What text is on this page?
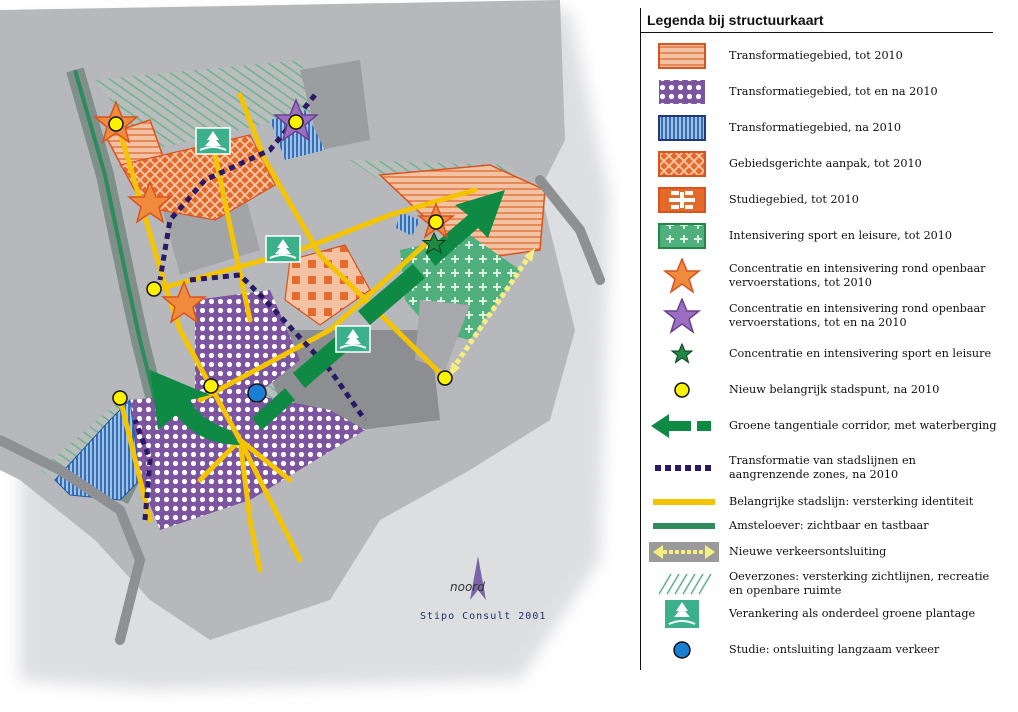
noord
Stipo Consult 2001
Legenda bij structuurkaart
Transformatiegebied, tot 2010
Transformatiegebied, tot en na 2010
Transformatiegebied, na 2010
Gebiedsgerichte aanpak, tot 2010
Studiegebied, tot 2010
Intensivering sport en leisure, tot 2010
Concentratie en intensivering rond openbaar vervoerstations, tot 2010
Concentratie en intensivering rond openbaar vervoerstations, tot en na 2010
Concentratie en intensivering sport en leisure
Nieuw belangrijk stadspunt, na 2010
Groene tangentiale corridor, met waterberging
Transformatie van stadslijnen en aangrenzende zones, na 2010
Belangrijke stadslijn: versterking identiteit
Amsteloever: zichtbaar en tastbaar
Nieuwe verkeersontsluiting
Oeverzones: versterking zichtlijnen, recreatie en openbare ruimte
Verankering als onderdeel groene plantage
Studie: ontsluiting langzaam verkeer
